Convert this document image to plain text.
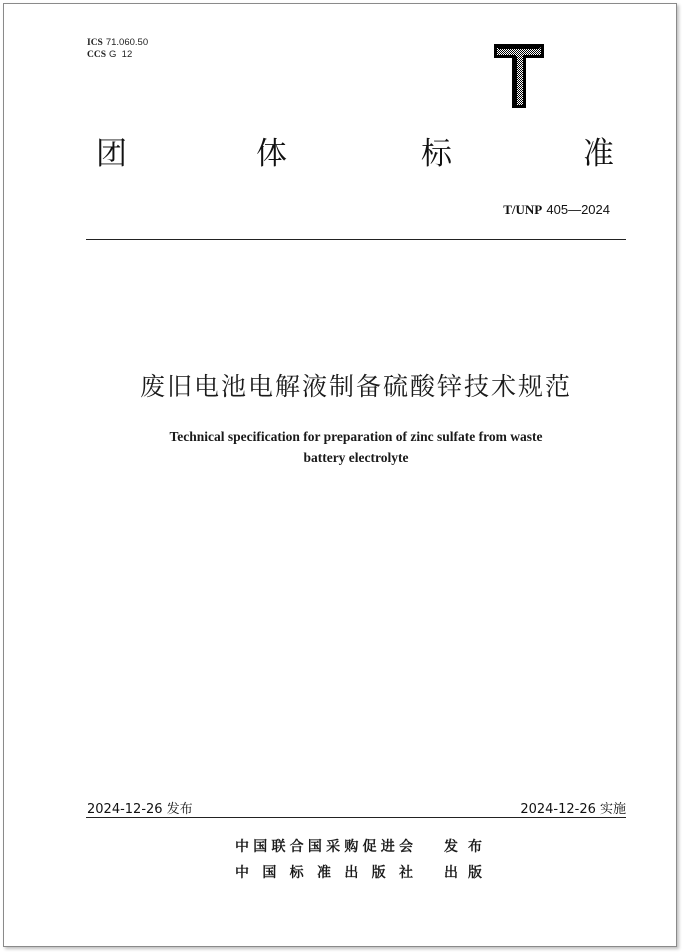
ICS 71.060.50
CCS G  12
T
团	体	标	准
T/UNP 405—2024
废旧电池电解液制备硫酸锌技术规范
Technical specification for preparation of zinc sulfate from waste
battery electrolyte
2024-12-26 发布	2024-12-26 实施
中国联合国采购促进会 发 布
中 国 标 准 出 版 社 出 版
